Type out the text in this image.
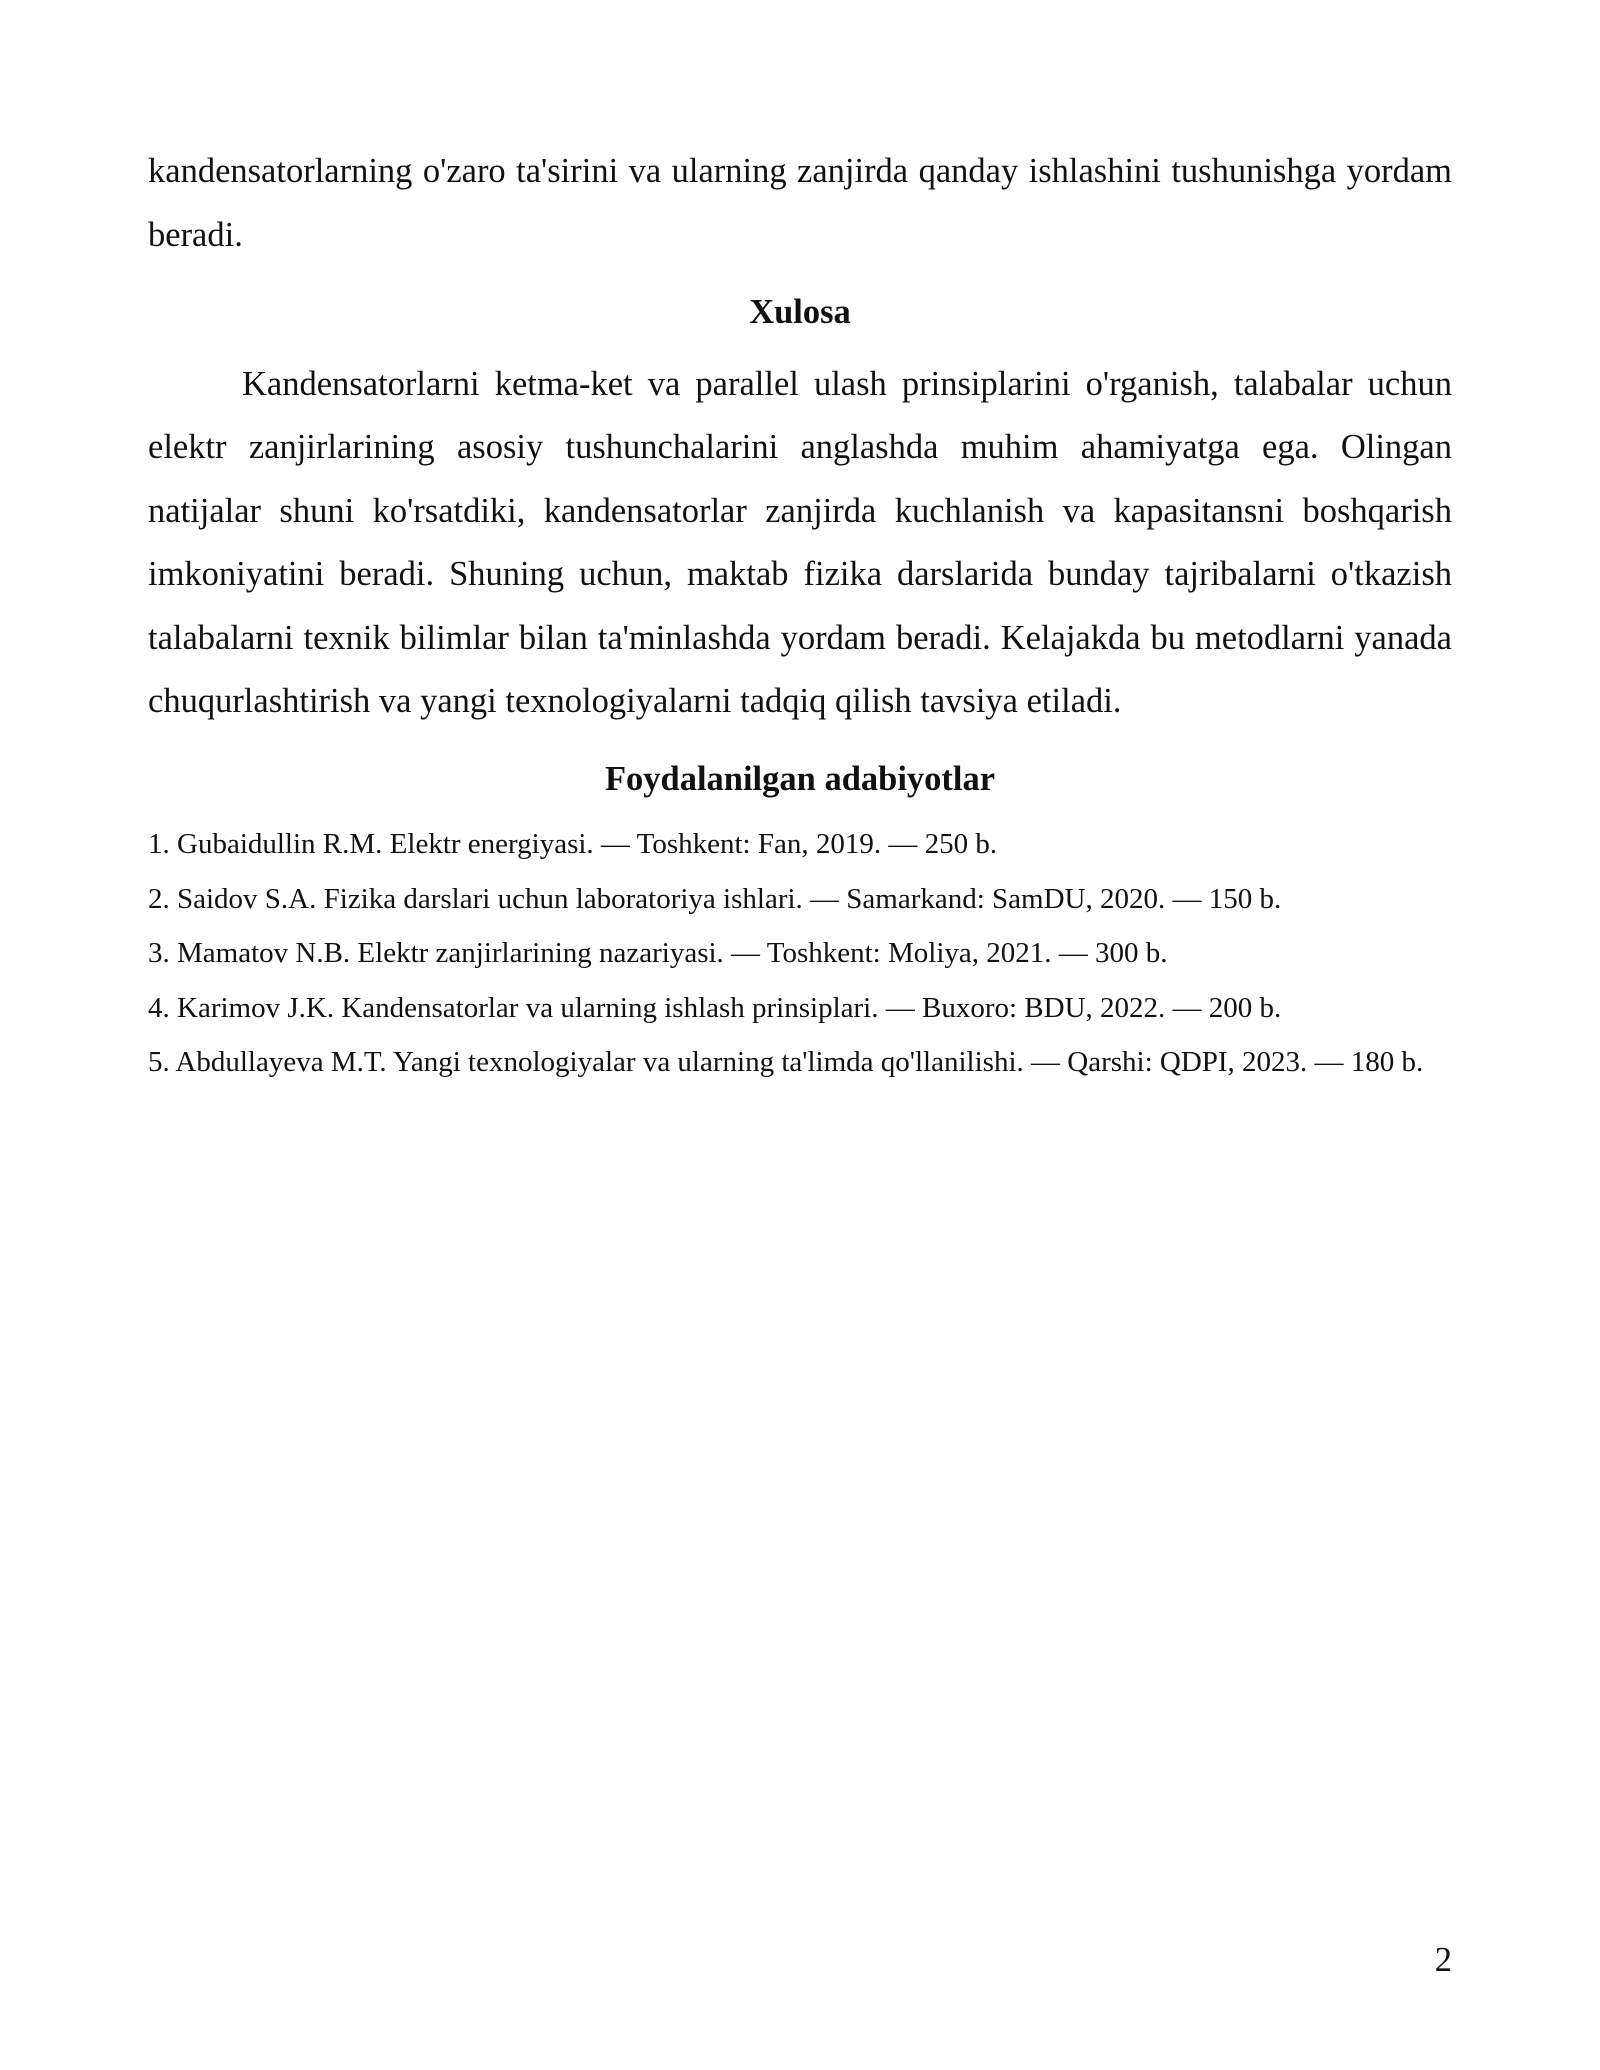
kandensatorlarning o'zaro ta'sirini va ularning zanjirda qanday ishlashini tushunishga yordam beradi.

Xulosa

Kandensatorlarni ketma-ket va parallel ulash prinsiplarini o'rganish, talabalar uchun elektr zanjirlarining asosiy tushunchalarini anglashda muhim ahamiyatga ega. Olingan natijalar shuni ko'rsatdiki, kandensatorlar zanjirda kuchlanish va kapasitansni boshqarish imkoniyatini beradi. Shuning uchun, maktab fizika darslarida bunday tajribalarni o'tkazish talabalarni texnik bilimlar bilan ta'minlashda yordam beradi. Kelajakda bu metodlarni yanada chuqurlashtirish va yangi texnologiyalarni tadqiq qilish tavsiya etiladi.

Foydalanilgan adabiyotlar
1. Gubaidullin R.M. Elektr energiyasi. — Toshkent: Fan, 2019. — 250 b.
2. Saidov S.A. Fizika darslari uchun laboratoriya ishlari. — Samarkand: SamDU, 2020. — 150 b.
3. Mamatov N.B. Elektr zanjirlarining nazariyasi. — Toshkent: Moliya, 2021. — 300 b.
4. Karimov J.K. Kandensatorlar va ularning ishlash prinsiplari. — Buxoro: BDU, 2022. — 200 b.
5. Abdullayeva M.T. Yangi texnologiyalar va ularning ta'limda qo'llanilishi. — Qarshi: QDPI, 2023. — 180 b.
2
